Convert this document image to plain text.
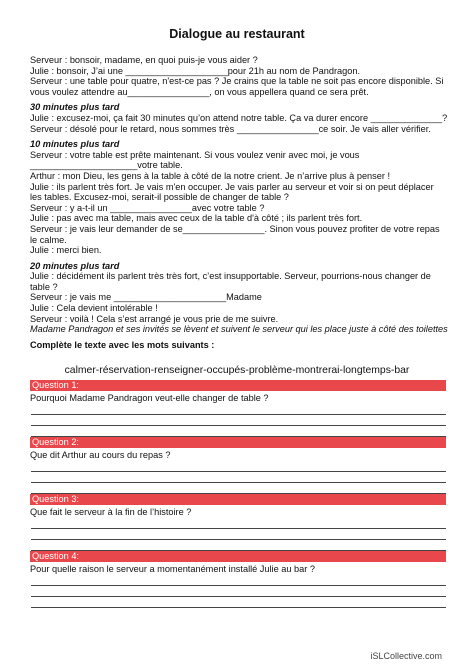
Dialogue au restaurant
Serveur : bonsoir, madame, en quoi puis-je vous aider ?
Julie : bonsoir, J’ai une ____________________pour 21h au nom de Pandragon.
Serveur : une table pour quatre, n'est-ce pas ? Je crains que la table ne soit pas encore disponible. Si
vous voulez attendre au________________, on vous appellera quand ce sera prêt.
30 minutes plus tard
Julie : excusez-moi, ça fait 30 minutes qu’on attend notre table. Ça va durer encore ______________?
Serveur : désolé pour le retard, nous sommes très ________________ce soir. Je vais aller vérifier.
10 minutes plus tard
Serveur : votre table est prête maintenant. Si vous voulez venir avec moi, je vous
_____________________votre table.
Arthur : mon Dieu, les gens à la table à côté de la notre crient. Je n’arrive plus à penser !
Julie : ils parlent très fort. Je vais m'en occuper. Je vais parler au serveur et voir si on peut déplacer
les tables. Excusez-moi, serait-il possible de changer de table ?
Serveur : y a-t-il un ________________avec votre table ?
Julie : pas avec ma table, mais avec ceux de la table d'à côté ; ils parlent très fort.
Serveur : je vais leur demander de se________________. Sinon vous pouvez profiter de votre repas
le calme.
Julie : merci bien.
20 minutes plus tard
Julie : décidément ils parlent très très fort, c’est insupportable. Serveur, pourrions-nous changer de
table ?
Serveur : je vais me ______________________Madame
Julie : Cela devient intolérable !
Serveur : voilà ! Cela s’est arrangé je vous prie de me suivre.
Madame Pandragon et ses invités se lèvent et suivent le serveur qui les place juste à côté des toilettes
Complète le texte avec les mots suivants :
calmer-réservation-renseigner-occupés-problème-montrerai-longtemps-bar
Question 1:
Pourquoi Madame Pandragon veut-elle changer de table ?
Question 2:
Que dit Arthur au cours du repas ?
Question 3:
Que fait le serveur à la fin de l’histoire ?
Question 4:
Pour quelle raison le serveur a momentanément installé Julie au bar ?
iSLCollective.com
